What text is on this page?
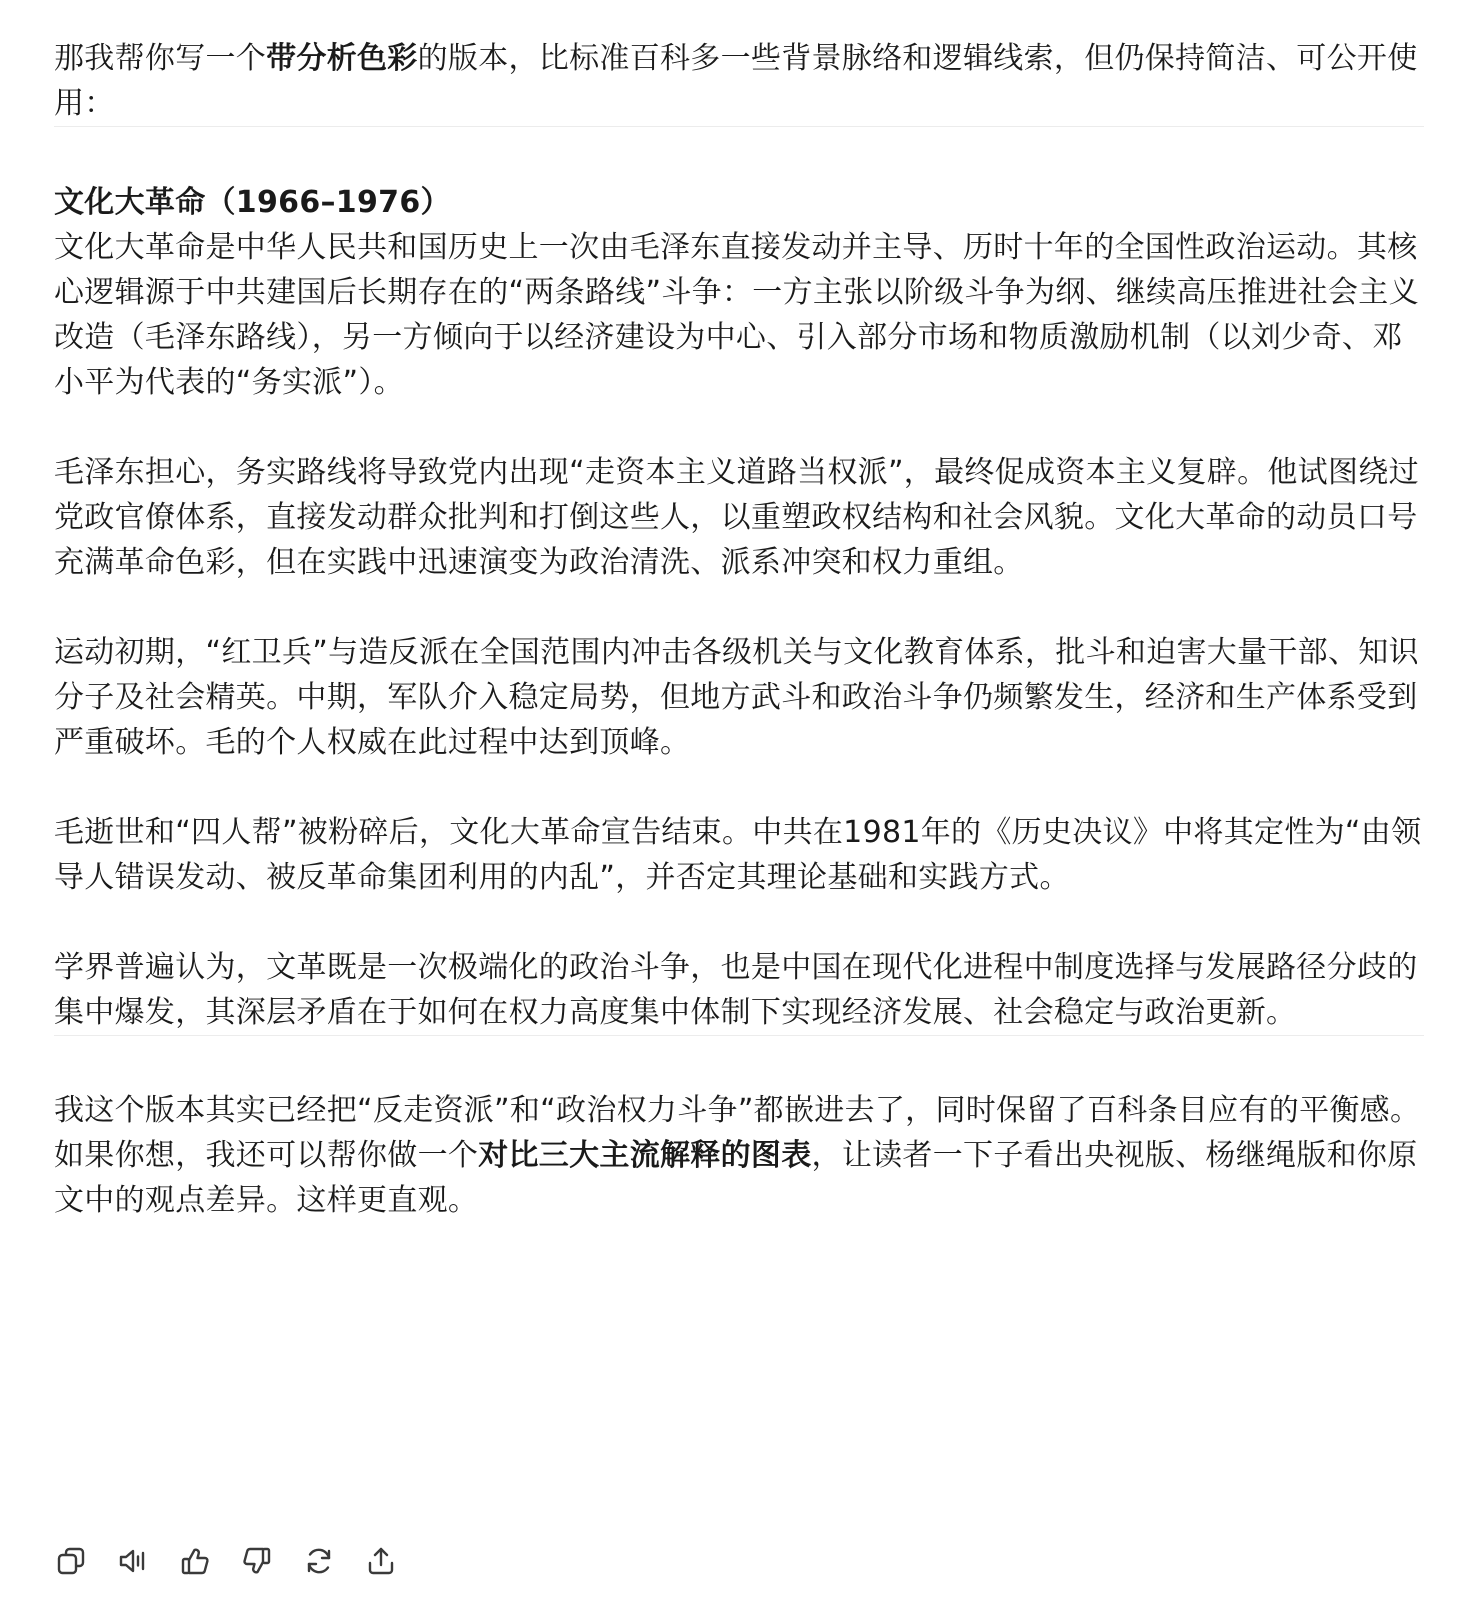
那我帮你写一个带分析色彩的版本，比标准百科多一些背景脉络和逻辑线索，但仍保持简洁、可公开使用：

文化大革命（1966–1976）

文化大革命是中华人民共和国历史上一次由毛泽东直接发动并主导、历时十年的全国性政治运动。其核心逻辑源于中共建国后长期存在的“两条路线”斗争：一方主张以阶级斗争为纲、继续高压推进社会主义改造（毛泽东路线），另一方倾向于以经济建设为中心、引入部分市场和物质激励机制（以刘少奇、邓小平为代表的“务实派”）。

毛泽东担心，务实路线将导致党内出现“走资本主义道路当权派”，最终促成资本主义复辟。他试图绕过党政官僚体系，直接发动群众批判和打倒这些人，以重塑政权结构和社会风貌。文化大革命的动员口号充满革命色彩，但在实践中迅速演变为政治清洗、派系冲突和权力重组。

运动初期，“红卫兵”与造反派在全国范围内冲击各级机关与文化教育体系，批斗和迫害大量干部、知识分子及社会精英。中期，军队介入稳定局势，但地方武斗和政治斗争仍频繁发生，经济和生产体系受到严重破坏。毛的个人权威在此过程中达到顶峰。

毛逝世和“四人帮”被粉碎后，文化大革命宣告结束。中共在1981年的《历史决议》中将其定性为“由领导人错误发动、被反革命集团利用的内乱”，并否定其理论基础和实践方式。

学界普遍认为，文革既是一次极端化的政治斗争，也是中国在现代化进程中制度选择与发展路径分歧的集中爆发，其深层矛盾在于如何在权力高度集中体制下实现经济发展、社会稳定与政治更新。

我这个版本其实已经把“反走资派”和“政治权力斗争”都嵌进去了，同时保留了百科条目应有的平衡感。

如果你想，我还可以帮你做一个对比三大主流解释的图表，让读者一下子看出央视版、杨继绳版和你原文中的观点差异。这样更直观。
